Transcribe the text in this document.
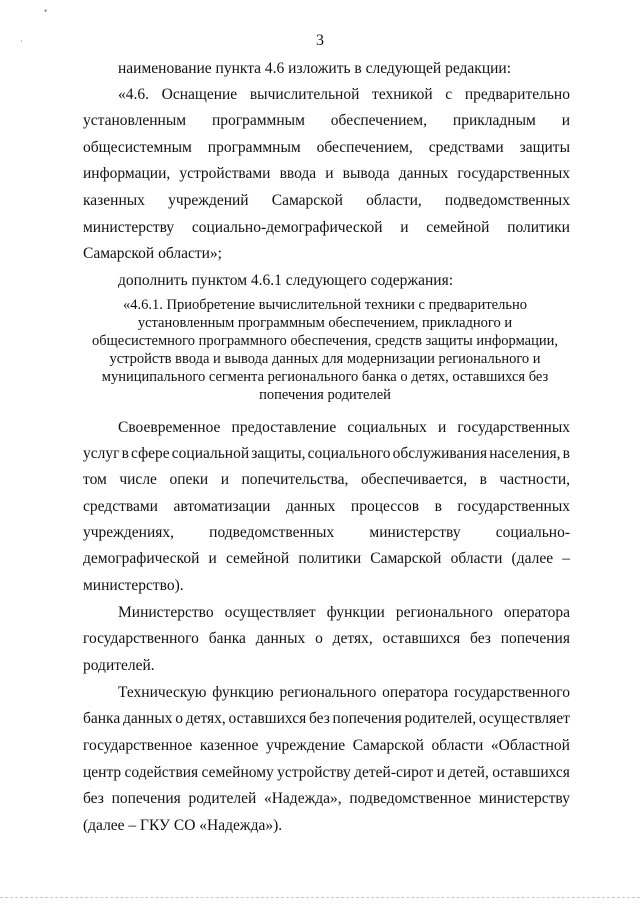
•
·	3
наименование пункта 4.6 изложить в следующей редакции:
«4.6. Оснащение вычислительной техникой с предварительно
установленным программным обеспечением, прикладным и
общесистемным программным обеспечением, средствами защиты
информации, устройствами ввода и вывода данных государственных
казенных учреждений Самарской области, подведомственных
министерству социально-демографической и семейной политики
Самарской области»;
дополнить пунктом 4.6.1 следующего содержания:
«4.6.1. Приобретение вычислительной техники с предварительно
установленным программным обеспечением, прикладного и
общесистемного программного обеспечения, средств защиты информации,
устройств ввода и вывода данных для модернизации регионального и
муниципального сегмента регионального банка о детях, оставшихся без
попечения родителей
Своевременное предоставление социальных и государственных
услуг в сфере социальной защиты, социального обслуживания населения, в
том числе опеки и попечительства, обеспечивается, в частности,
средствами автоматизации данных процессов в государственных
учреждениях, подведомственных министерству социально-
демографической и семейной политики Самарской области (далее –
министерство).
Министерство осуществляет функции регионального оператора
государственного банка данных о детях, оставшихся без попечения
родителей.
Техническую функцию регионального оператора государственного
банка данных о детях, оставшихся без попечения родителей, осуществляет
государственное казенное учреждение Самарской области «Областной
центр содействия семейному устройству детей-сирот и детей, оставшихся
без попечения родителей «Надежда», подведомственное министерству
(далее – ГКУ СО «Надежда»).
